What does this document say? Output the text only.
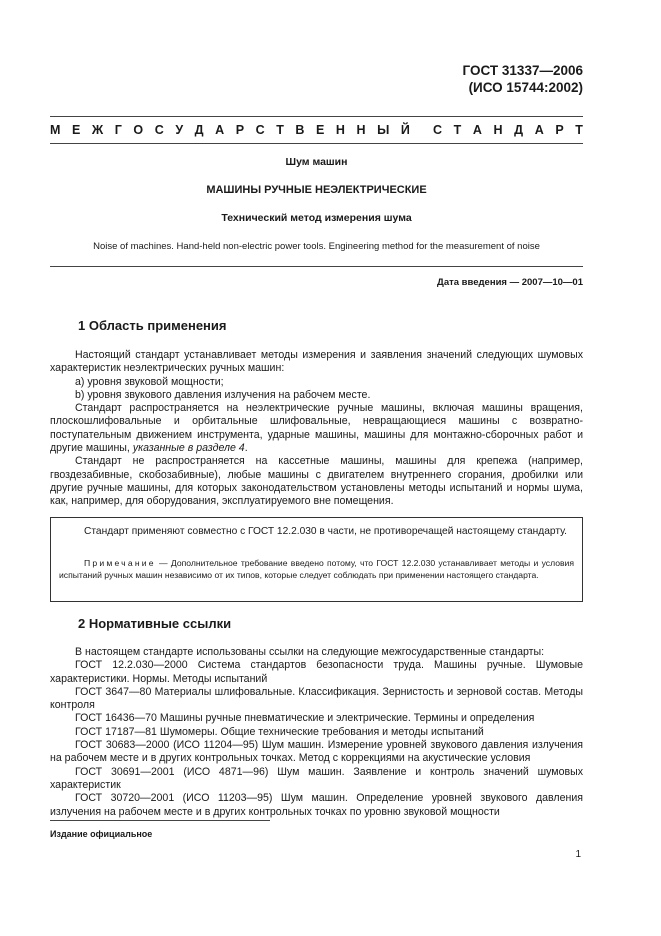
ГОСТ 31337—2006
(ИСО 15744:2002)
М Е Ж Г О С У Д А Р С Т В Е Н Н Ы Й С Т А Н Д А Р Т
Шум машин
МАШИНЫ РУЧНЫЕ НЕЭЛЕКТРИЧЕСКИЕ
Технический метод измерения шума
Noise of machines. Hand-held non-electric power tools. Engineering method for the measurement of noise
Дата введения — 2007—10—01
1 Область применения

Настоящий стандарт устанавливает методы измерения и заявления значений следующих шумовых характеристик неэлектрических ручных машин:

a) уровня звуковой мощности;

b) уровня звукового давления излучения на рабочем месте.

Стандарт распространяется на неэлектрические ручные машины, включая машины вращения, плоскошлифовальные и орбитальные шлифовальные, невращающиеся машины с возвратно-поступательным движением инструмента, ударные машины, машины для монтажно-сборочных работ и другие машины, указанные в разделе 4.

Стандарт не распространяется на кассетные машины, машины для крепежа (например, гвоздезабивные, скобозабивные), любые машины с двигателем внутреннего сгорания, дробилки или другие ручные машины, для которых законодательством установлены методы испытаний и нормы шума, как, например, для оборудования, эксплуатируемого вне помещения.

Стандарт применяют совместно с ГОСТ 12.2.030 в части, не противоречащей настоящему стандарту.
Примечание — Дополнительное требование введено потому, что ГОСТ 12.2.030 устанавливает методы и условия испытаний ручных машин независимо от их типов, которые следует соблюдать при применении настоящего стандарта.
2 Нормативные ссылки

В настоящем стандарте использованы ссылки на следующие межгосударственные стандарты:

ГОСТ 12.2.030—2000 Система стандартов безопасности труда. Машины ручные. Шумовые характеристики. Нормы. Методы испытаний

ГОСТ 3647—80 Материалы шлифовальные. Классификация. Зернистость и зерновой состав. Методы контроля

ГОСТ 16436—70 Машины ручные пневматические и электрические. Термины и определения

ГОСТ 17187—81 Шумомеры. Общие технические требования и методы испытаний

ГОСТ 30683—2000 (ИСО 11204—95) Шум машин. Измерение уровней звукового давления излучения на рабочем месте и в других контрольных точках. Метод с коррекциями на акустические условия

ГОСТ 30691—2001 (ИСО 4871—96) Шум машин. Заявление и контроль значений шумовых характеристик

ГОСТ 30720—2001 (ИСО 11203—95) Шум машин. Определение уровней звукового давления излучения на рабочем месте и в других контрольных точках по уровню звуковой мощности

Издание официальное
1
